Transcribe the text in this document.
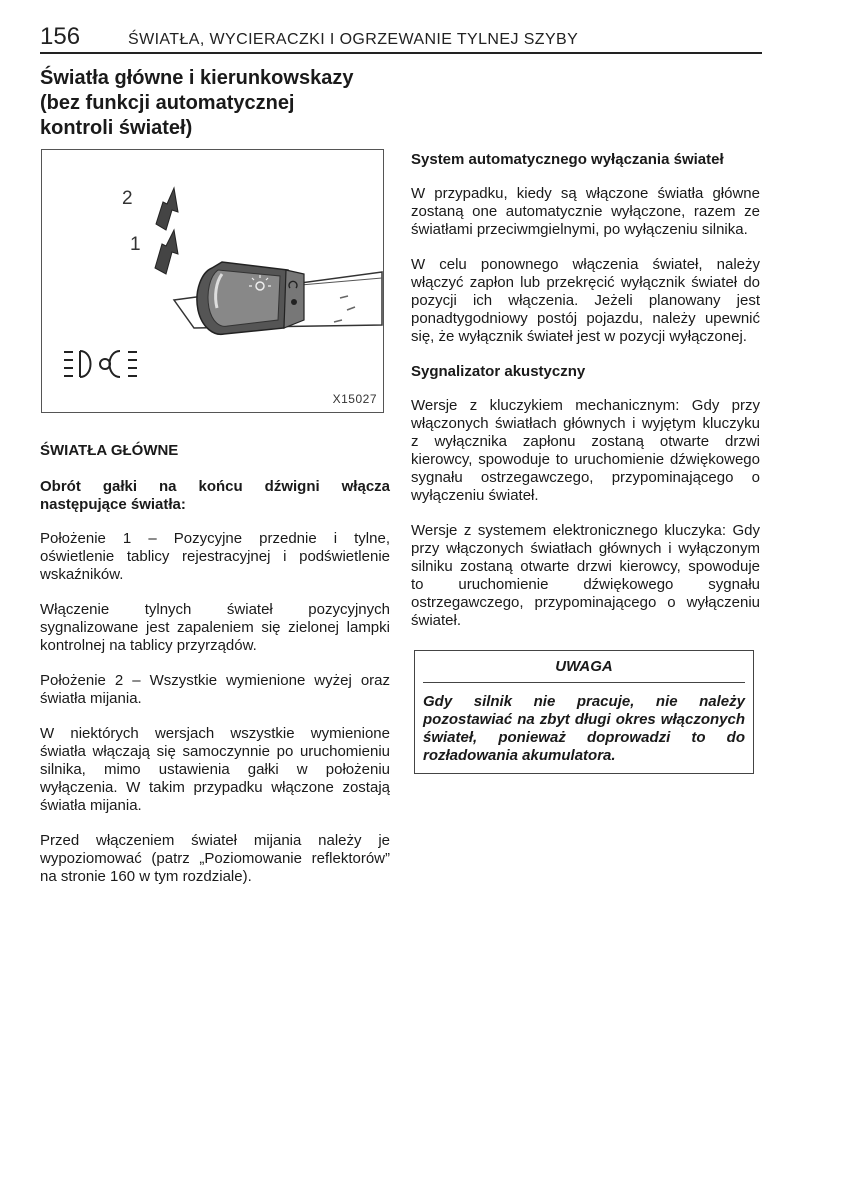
156	ŚWIATŁA, WYCIERACZKI I OGRZEWANIE TYLNEJ SZYBY
Światła główne i kierunkowskazy
(bez funkcji automatycznej
kontroli świateł)
2
1
X15027

ŚWIATŁA GŁÓWNE

Obrót gałki na końcu dźwigni włącza następujące światła:

Położenie 1 – Pozycyjne przednie i tylne, oświetlenie tablicy rejestracyjnej i podświetlenie wskaźników.

Włączenie tylnych świateł pozycyjnych sygnalizowane jest zapaleniem się zielonej lampki kontrolnej na tablicy przyrządów.

Położenie 2 – Wszystkie wymienione wyżej oraz światła mijania.

W niektórych wersjach wszystkie wymienione światła włączają się samoczynnie po uruchomieniu silnika, mimo ustawienia gałki w położeniu wyłączenia. W takim przypadku włączone zostają światła mijania.

Przed włączeniem świateł mijania należy je wypoziomować (patrz „Poziomowanie reflektorów” na stronie 160 w tym rozdziale).

System automatycznego wyłączania świateł

W przypadku, kiedy są włączone światła główne zostaną one automatycznie wyłączone, razem ze światłami przeciwmgielnymi, po wyłączeniu silnika.

W celu ponownego włączenia świateł, należy włączyć zapłon lub przekręcić wyłącznik świateł do pozycji ich włączenia. Jeżeli planowany jest ponadtygodniowy postój pojazdu, należy upewnić się, że wyłącznik świateł jest w pozycji wyłączonej.

Sygnalizator akustyczny

Wersje z kluczykiem mechanicznym: Gdy przy włączonych światłach głównych i wyjętym kluczyku z wyłącznika zapłonu zostaną otwarte drzwi kierowcy, spowoduje to uruchomienie dźwiękowego sygnału ostrzegawczego, przypominającego o wyłączeniu świateł.

Wersje z systemem elektronicznego kluczyka: Gdy przy włączonych światłach głównych i wyłączonym silniku zostaną otwarte drzwi kierowcy, spowoduje to uruchomienie dźwiękowego sygnału ostrzegawczego, przypominającego o wyłączeniu świateł.

UWAGA
Gdy silnik nie pracuje, nie należy pozostawiać na zbyt długi okres włączonych świateł, ponieważ doprowadzi to do rozładowania akumulatora.
